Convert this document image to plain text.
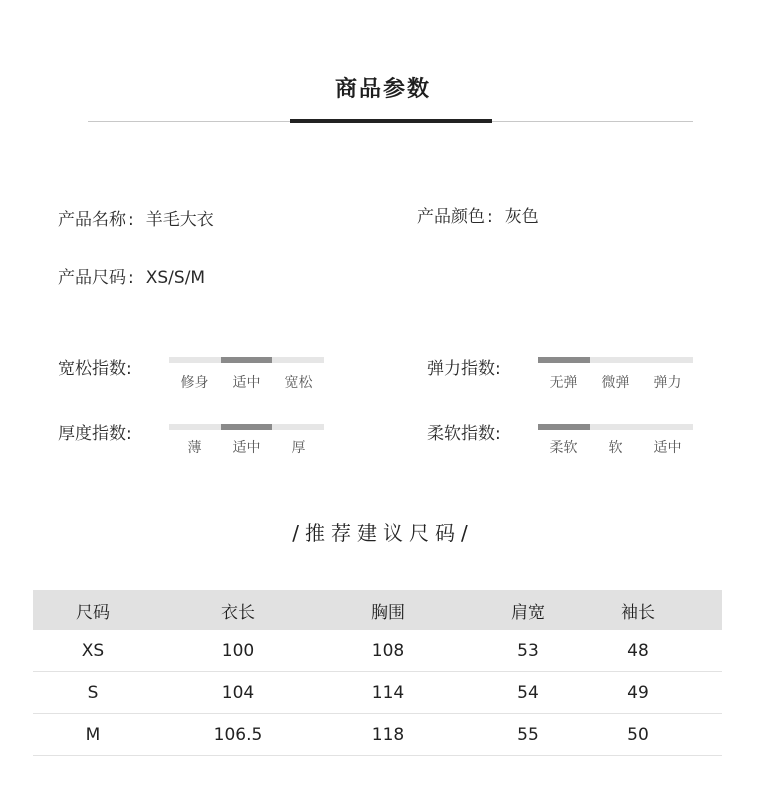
商品参数
产品名称 : 羊毛大衣	产品颜色 : 灰色
产品尺码 : XS/S/M
宽松指数:
修身	适中	宽松
弹力指数:
无弹	微弹	弹力
厚度指数:
薄	适中	厚
柔软指数:
柔软	软	适中
/推荐建议尺码/
尺码	衣长	胸围	肩宽	袖长
XS	100	108	53	48
S	104	114	54	49
M	106.5	118	55	50
